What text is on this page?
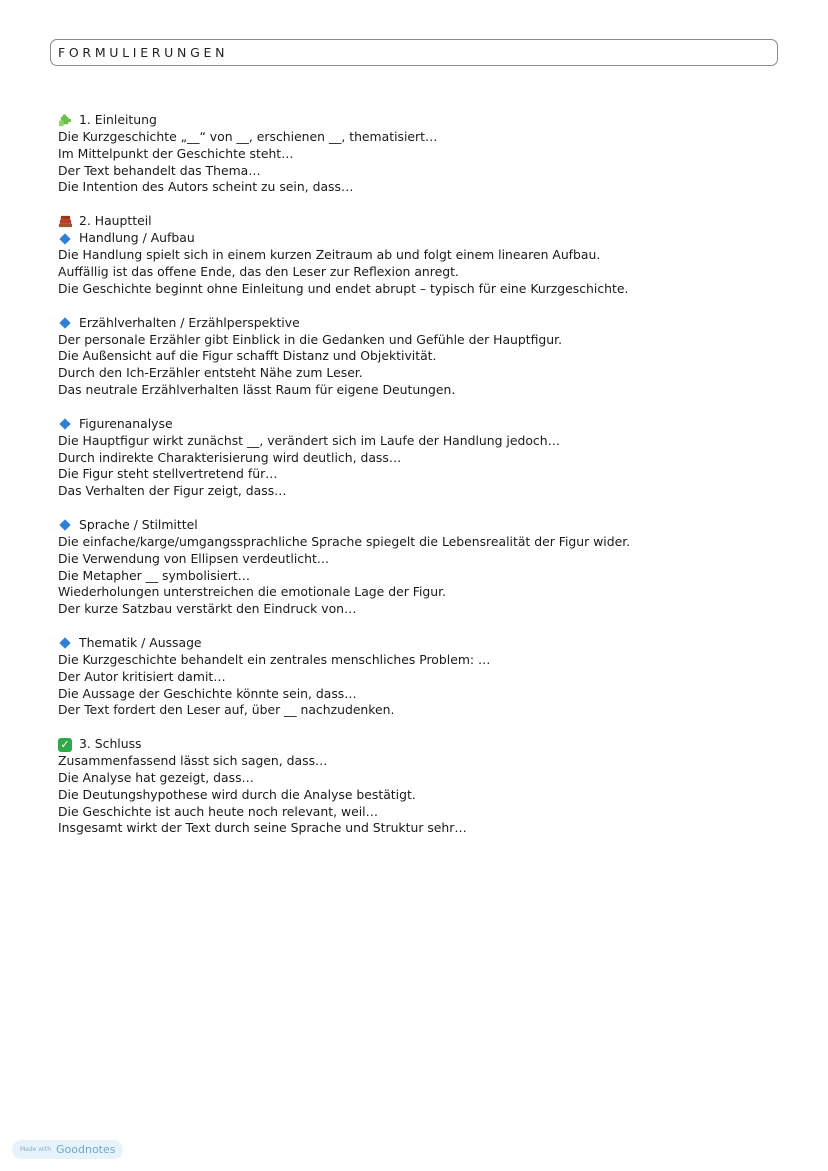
FORMULIERUNGEN
1. Einleitung
Die Kurzgeschichte „__“ von __, erschienen __, thematisiert…
Im Mittelpunkt der Geschichte steht…
Der Text behandelt das Thema…
Die Intention des Autors scheint zu sein, dass…
2. Hauptteil
Handlung / Aufbau
Die Handlung spielt sich in einem kurzen Zeitraum ab und folgt einem linearen Aufbau.
Auffällig ist das offene Ende, das den Leser zur Reflexion anregt.
Die Geschichte beginnt ohne Einleitung und endet abrupt – typisch für eine Kurzgeschichte.
Erzählverhalten / Erzählperspektive
Der personale Erzähler gibt Einblick in die Gedanken und Gefühle der Hauptfigur.
Die Außensicht auf die Figur schafft Distanz und Objektivität.
Durch den Ich-Erzähler entsteht Nähe zum Leser.
Das neutrale Erzählverhalten lässt Raum für eigene Deutungen.
Figurenanalyse
Die Hauptfigur wirkt zunächst __, verändert sich im Laufe der Handlung jedoch…
Durch indirekte Charakterisierung wird deutlich, dass…
Die Figur steht stellvertretend für…
Das Verhalten der Figur zeigt, dass…
Sprache / Stilmittel
Die einfache/karge/umgangssprachliche Sprache spiegelt die Lebensrealität der Figur wider.
Die Verwendung von Ellipsen verdeutlicht…
Die Metapher __ symbolisiert…
Wiederholungen unterstreichen die emotionale Lage der Figur.
Der kurze Satzbau verstärkt den Eindruck von…
Thematik / Aussage
Die Kurzgeschichte behandelt ein zentrales menschliches Problem: …
Der Autor kritisiert damit…
Die Aussage der Geschichte könnte sein, dass…
Der Text fordert den Leser auf, über __ nachzudenken.
✓ 3. Schluss
Zusammenfassend lässt sich sagen, dass…
Die Analyse hat gezeigt, dass…
Die Deutungshypothese wird durch die Analyse bestätigt.
Die Geschichte ist auch heute noch relevant, weil…
Insgesamt wirkt der Text durch seine Sprache und Struktur sehr…
Made with Goodnotes
